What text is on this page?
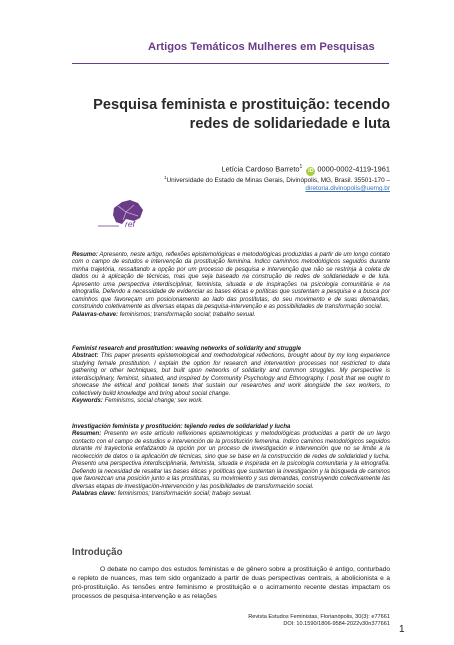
Artigos Temáticos Mulheres em Pesquisas
Pesquisa feminista e prostituição: tecendo
redes de solidariedade e luta
Letícia Cardoso Barreto$^1$ iD 0000-0002-4119-1961
$^1$Universidade do Estado de Minas Gerais, Divinópolis, MG, Brasil. 35501-170 –
diretoria.divinopolis@uemg.br
ref
Resumo: Apresento, neste artigo, reflexões epistemológicas e metodológicas produzidas a partir de um longo contato com o campo de estudos e intervenção da prostituição feminina. Indico caminhos metodológicos seguidos durante minha trajetória, ressaltando a opção por um processo de pesquisa e intervenção que não se restrinja à coleta de dados ou à aplicação de técnicas, mas que seja baseado na construção de redes de solidariedade e de luta. Apresento uma perspectiva interdisciplinar, feminista, situada e de inspirações na psicologia comunitária e na etnografia. Defendo a necessidade de evidenciar as bases éticas e políticas que sustentam a pesquisa e a busca por caminhos que favoreçam um posicionamento ao lado das prostitutas, do seu movimento e de suas demandas, construindo coletivamente as diversas etapas da pesquisa-intervenção e as possibilidades de transformação social.
Palavras-chave: feminismos; transformação social; trabalho sexual.
Feminist research and prostitution: weaving networks of solidarity and struggle
Abstract: This paper presents epistemological and methodological reflections, brought about by my long experience studying female prostitution. I explain the option for research and intervention processes not restricted to data gathering or other techniques, but built upon networks of solidarity and common struggles. My perspective is interdisciplinary, feminist, situated, and inspired by Community Psychology and Ethnography. I posit that we ought to showcase the ethical and political tenets that sustain our researches and work alongside the sex workers, to collectively build knowledge and bring about social change.
Keywords: Feminisms, social change; sex work.
Investigación feminista y prostitución: tejiendo redes de solidaridad y lucha
Resumen: Presento en este artículo reflexiones epistemológicas y metodológicas producidas a partir de un largo contacto con el campo de estudios e intervención de la prostitución femenina. Indico caminos metodológicos seguidos durante mi trayectoria enfatizando la opción por un proceso de investigación e intervención que no se limite a la recolección de datos o la aplicación de técnicas, sino que se base en la construcción de redes de solidaridad y lucha. Presento una perspectiva interdisciplinaria, feminista, situada e inspirada en la psicología comunitaria y la etnografía. Defiendo la necesidad de resaltar las bases éticas y políticas que sustentan la investigación y la búsqueda de caminos que favorezcan una posición junto a las prostitutas, su movimiento y sus demandas, construyendo colectivamente las diversas etapas de investigación-intervención y las posibilidades de transformación social.
Palabras clave: feminismos; transformación social; trabajo sexual.
Introdução
O debate no campo dos estudos feministas e de gênero sobre a prostituição é antigo, conturbado e repleto de nuances, mas tem sido organizado a partir de duas perspectivas centrais, a abolicionista e a pró-prostituição. As tensões entre feminismo e prostituição e o acirramento recente destas impactam os processos de pesquisa-intervenção e as relações
Revista Estudos Feministas, Florianópolis, 30(3): e77661
DOI: 10.1590/1806-9584-2022v30n377661 1
